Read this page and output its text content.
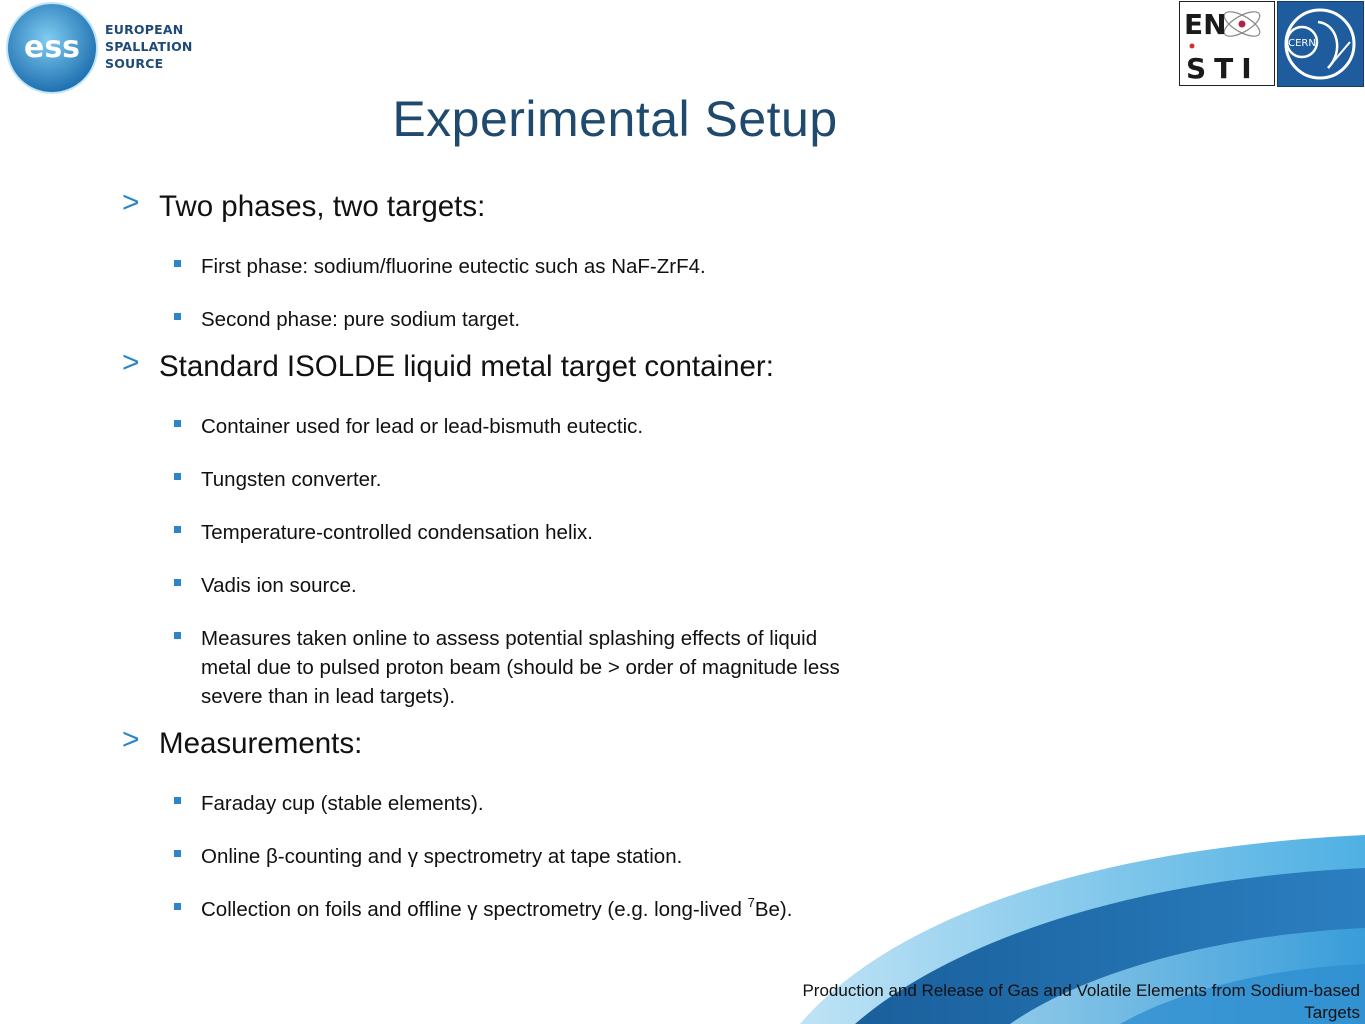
ess
EUROPEAN
SPALLATION
SOURCE
EN
STI
CERN
Experimental Setup
> Two phases, two targets:
First phase: sodium/fluorine eutectic such as NaF-ZrF4.
Second phase: pure sodium target.
> Standard ISOLDE liquid metal target container:
Container used for lead or lead-bismuth eutectic.
Tungsten converter.
Temperature-controlled condensation helix.
Vadis ion source.
Measures taken online to assess potential splashing effects of liquid metal due to pulsed proton beam (should be > order of magnitude less severe than in lead targets).
> Measurements:
Faraday cup (stable elements).
Online β-counting and γ spectrometry at tape station.
Collection on foils and offline γ spectrometry (e.g. long-lived $^7$Be).
Production and Release of Gas and Volatile Elements from Sodium-based Targets
